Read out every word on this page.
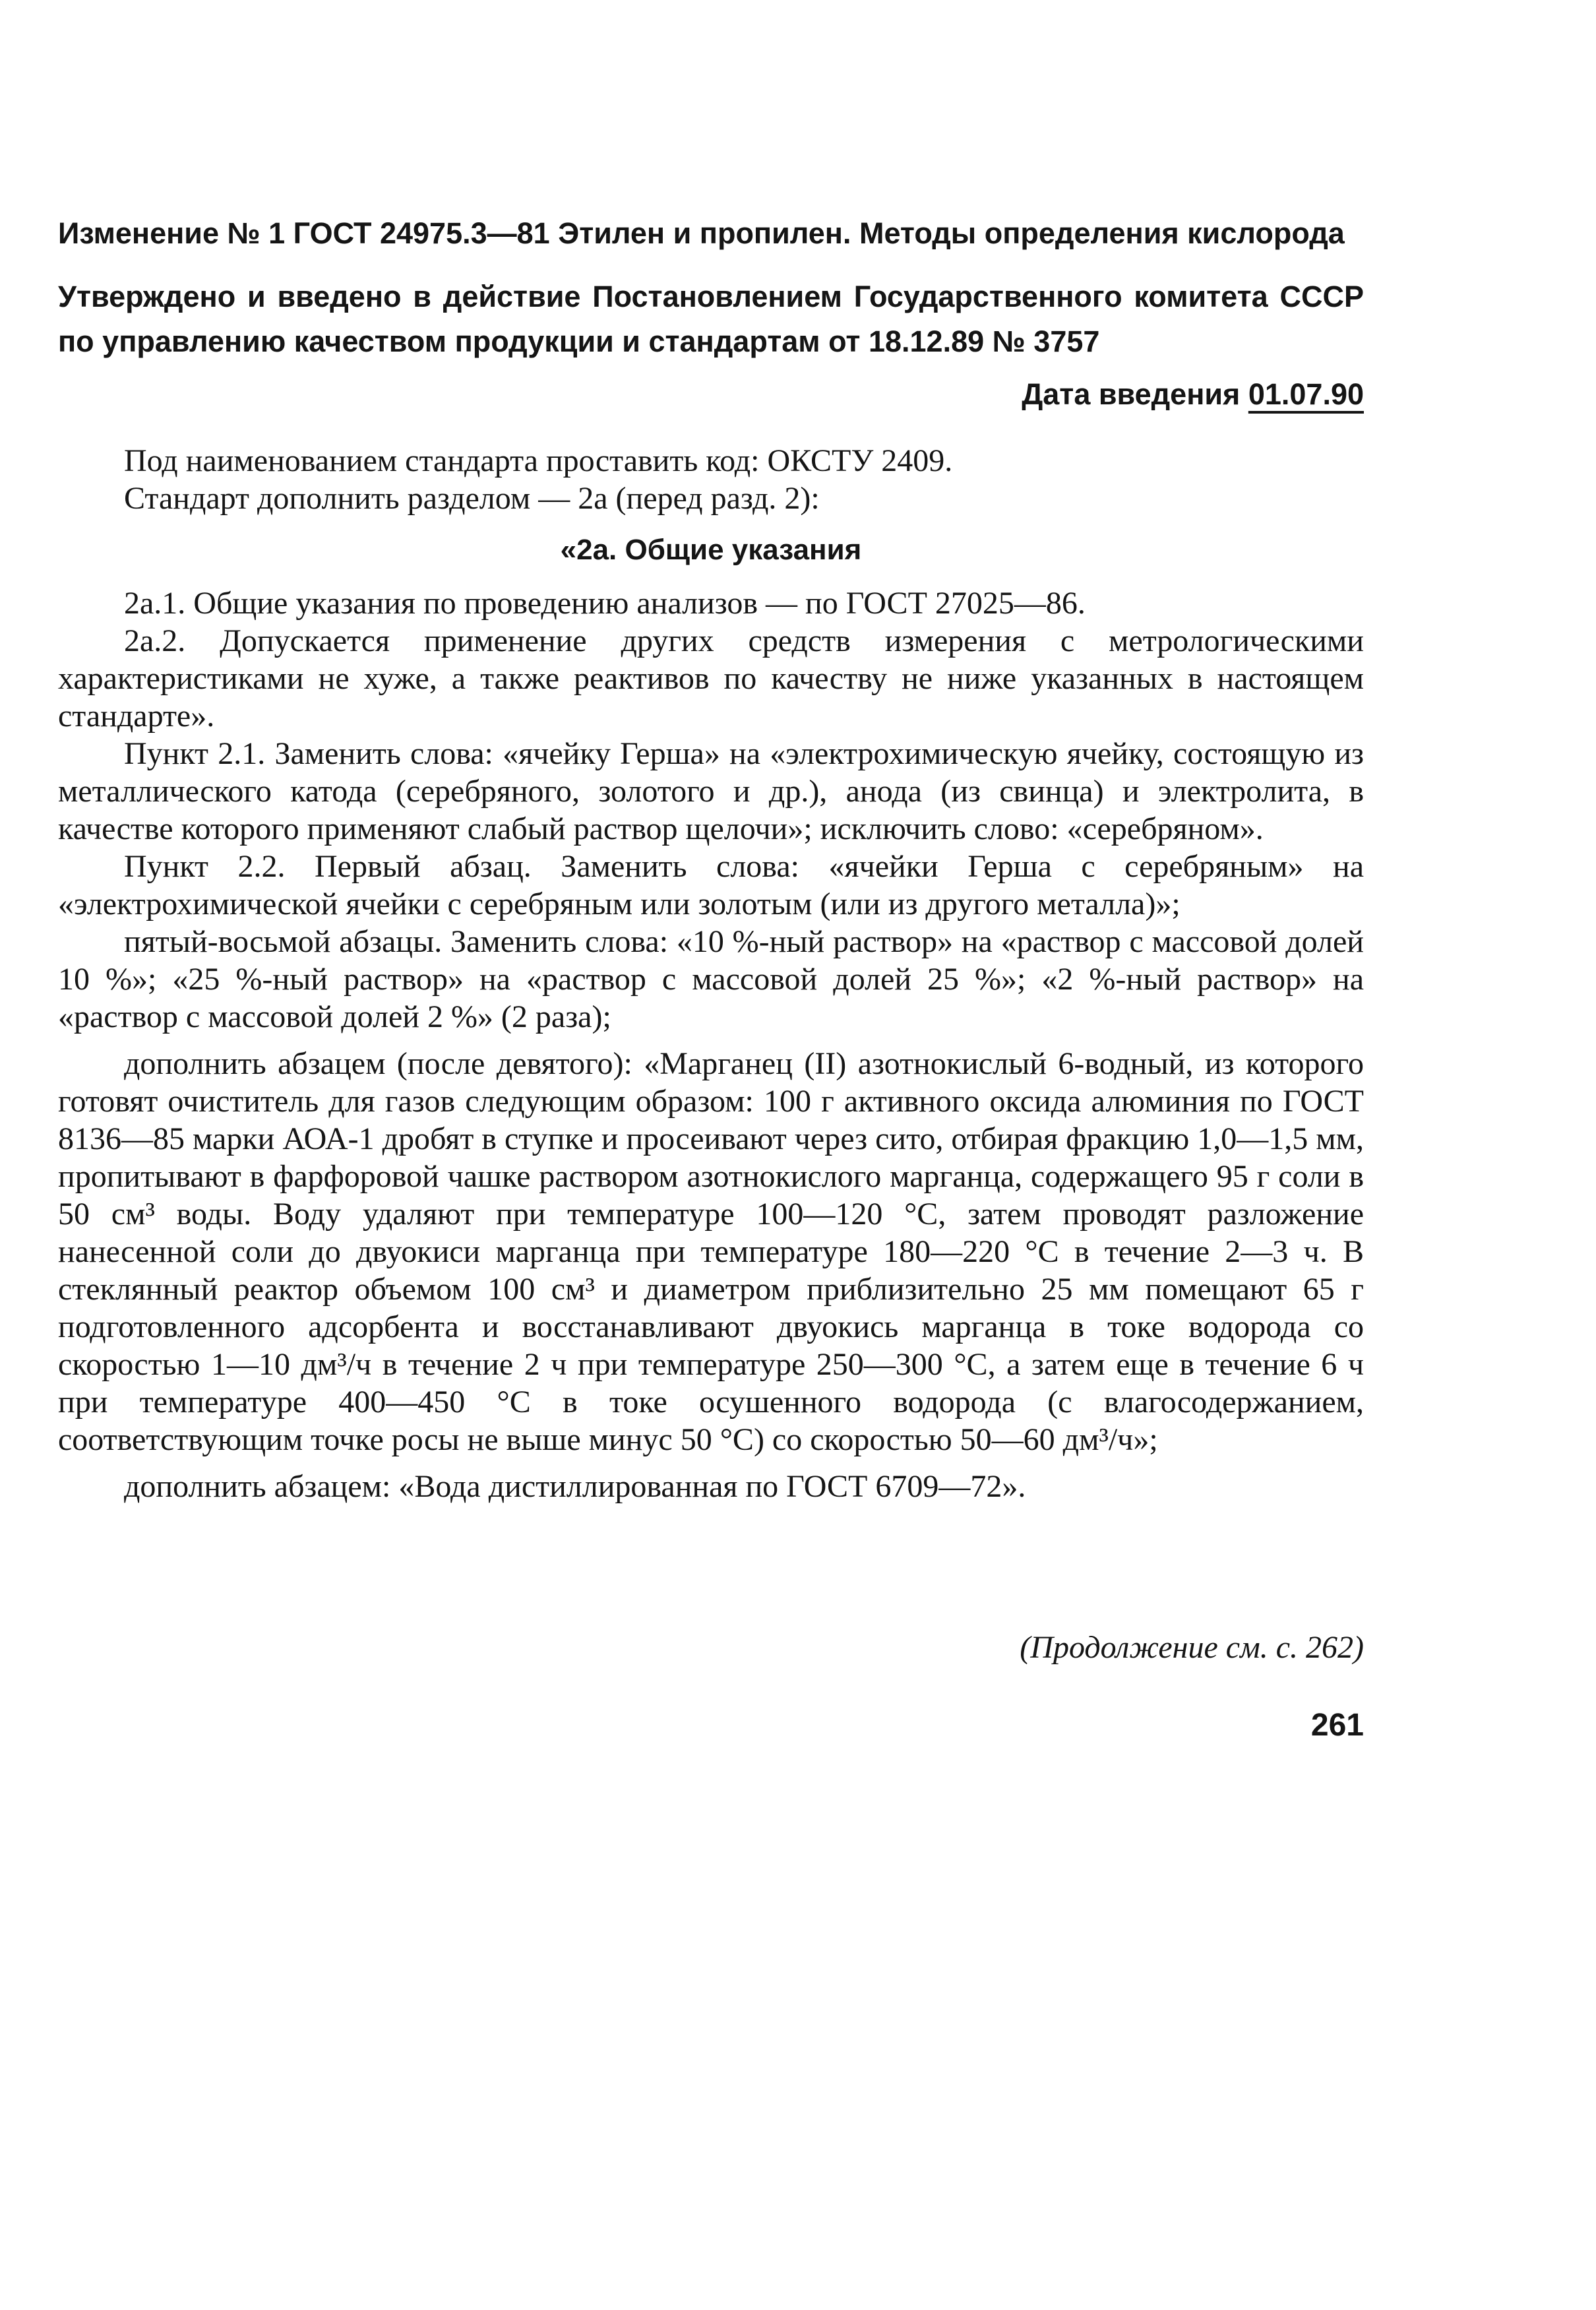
Изменение № 1 ГОСТ 24975.3—81 Этилен и пропилен. Методы определения кислорода

Утверждено и введено в действие Постановлением Государственного комитета СССР по управлению качеством продукции и стандартам от 18.12.89 № 3757

Дата введения 01.07.90

Под наименованием стандарта проставить код: ОКСТУ 2409.

Стандарт дополнить разделом — 2а (перед разд. 2):

«2а. Общие указания

2а.1. Общие указания по проведению анализов — по ГОСТ 27025—86.

2а.2. Допускается применение других средств измерения с метрологическими характеристиками не хуже, а также реактивов по качеству не ниже указанных в настоящем стандарте».

Пункт 2.1. Заменить слова: «ячейку Герша» на «электрохимическую ячейку, состоящую из металлического катода (серебряного, золотого и др.), анода (из свинца) и электролита, в качестве которого применяют слабый раствор щелочи»; исключить слово: «серебряном».

Пункт 2.2. Первый абзац. Заменить слова: «ячейки Герша с серебряным» на «электрохимической ячейки с серебряным или золотым (или из другого металла)»;

пятый-восьмой абзацы. Заменить слова: «10 %-ный раствор» на «раствор с массовой долей 10 %»; «25 %-ный раствор» на «раствор с массовой долей 25 %»; «2 %-ный раствор» на «раствор с массовой долей 2 %» (2 раза);

дополнить абзацем (после девятого): «Марганец (II) азотнокислый 6-водный, из которого готовят очиститель для газов следующим образом: 100 г активного оксида алюминия по ГОСТ 8136—85 марки АОА-1 дробят в ступке и просеивают через сито, отбирая фракцию 1,0—1,5 мм, пропитывают в фарфоровой чашке раствором азотнокислого марганца, содержащего 95 г соли в 50 см³ воды. Воду удаляют при температуре 100—120 °С, затем проводят разложение нанесенной соли до двуокиси марганца при температуре 180—220 °С в течение 2—3 ч. В стеклянный реактор объемом 100 см³ и диаметром приблизительно 25 мм помещают 65 г подготовленного адсорбента и восстанавливают двуокись марганца в токе водорода со скоростью 1—10 дм³/ч в течение 2 ч при температуре 250—300 °С, а затем еще в течение 6 ч при температуре 400—450 °С в токе осушенного водорода (с влагосодержанием, соответствующим точке росы не выше минус 50 °С) со скоростью 50—60 дм³/ч»;

дополнить абзацем: «Вода дистиллированная по ГОСТ 6709—72».

(Продолжение см. с. 262)
261
